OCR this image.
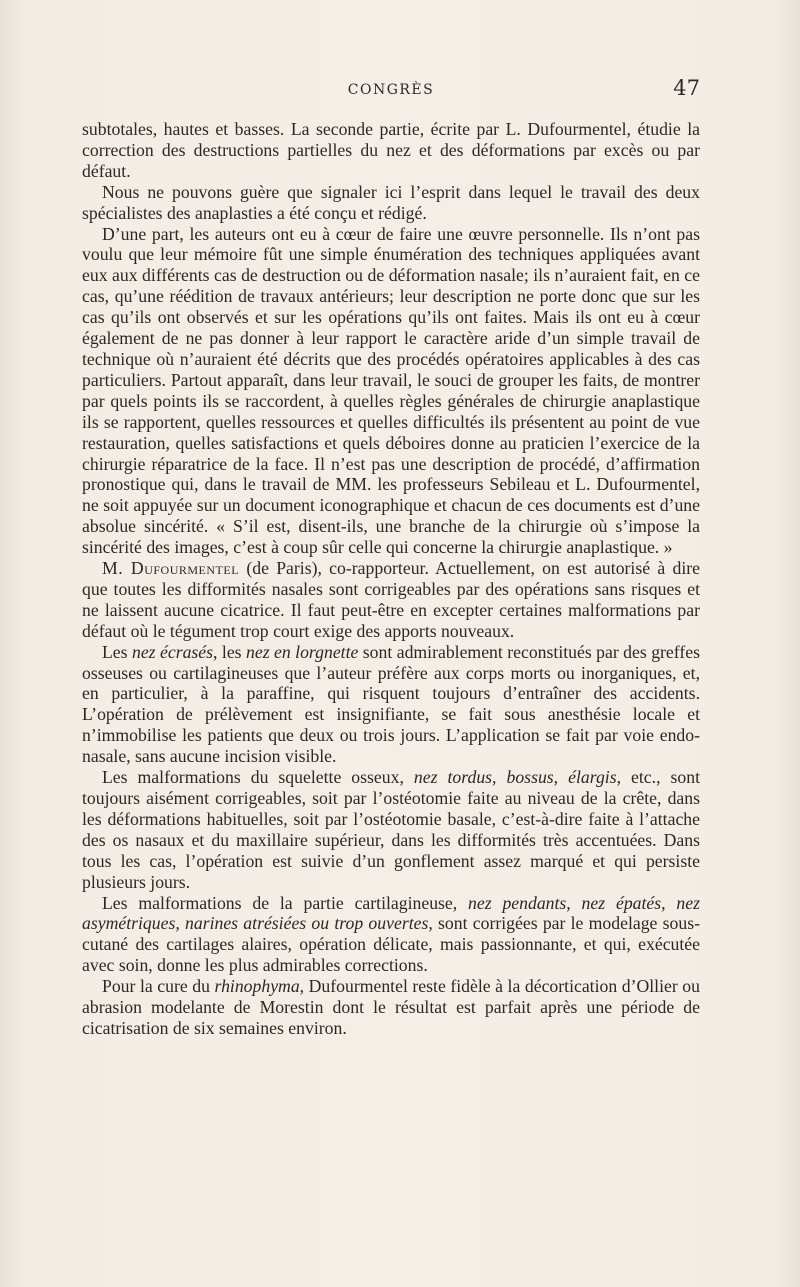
CONGRÈS	47

subtotales, hautes et basses. La seconde partie, écrite par L. Dufourmentel, étudie la correction des destructions partielles du nez et des déformations par excès ou par défaut.

Nous ne pouvons guère que signaler ici l’esprit dans lequel le travail des deux spécialistes des anaplasties a été conçu et rédigé.

D’une part, les auteurs ont eu à cœur de faire une œuvre personnelle. Ils n’ont pas voulu que leur mémoire fût une simple énumération des techniques appliquées avant eux aux différents cas de destruction ou de déformation nasale; ils n’auraient fait, en ce cas, qu’une réédition de travaux antérieurs; leur description ne porte donc que sur les cas qu’ils ont observés et sur les opérations qu’ils ont faites. Mais ils ont eu à cœur également de ne pas donner à leur rapport le caractère aride d’un simple travail de technique où n’auraient été décrits que des procédés opératoires applicables à des cas particuliers. Partout apparaît, dans leur travail, le souci de grouper les faits, de montrer par quels points ils se raccordent, à quelles règles générales de chirurgie anaplastique ils se rapportent, quelles ressources et quelles difficultés ils présentent au point de vue restauration, quelles satisfactions et quels déboires donne au praticien l’exercice de la chirurgie réparatrice de la face. Il n’est pas une description de procédé, d’affirmation pronostique qui, dans le travail de MM. les professeurs Sebileau et L. Dufourmentel, ne soit appuyée sur un document iconographique et chacun de ces documents est d’une absolue sincérité. « S’il est, disent-ils, une branche de la chirurgie où s’impose la sincérité des images, c’est à coup sûr celle qui concerne la chirurgie anaplastique. »

M. Dufourmentel (de Paris), co-rapporteur. Actuellement, on est autorisé à dire que toutes les difformités nasales sont corrigeables par des opérations sans risques et ne laissent aucune cicatrice. Il faut peut-être en excepter certaines malformations par défaut où le tégument trop court exige des apports nouveaux.

Les nez écrasés, les nez en lorgnette sont admirablement reconstitués par des greffes osseuses ou cartilagineuses que l’auteur préfère aux corps morts ou inorganiques, et, en particulier, à la paraffine, qui risquent toujours d’entraîner des accidents. L’opération de prélèvement est insignifiante, se fait sous anesthésie locale et n’immobilise les patients que deux ou trois jours. L’application se fait par voie endo-nasale, sans aucune incision visible.

Les malformations du squelette osseux, nez tordus, bossus, élargis, etc., sont toujours aisément corrigeables, soit par l’ostéotomie faite au niveau de la crête, dans les déformations habituelles, soit par l’ostéotomie basale, c’est-à-dire faite à l’attache des os nasaux et du maxillaire supérieur, dans les difformités très accentuées. Dans tous les cas, l’opération est suivie d’un gonflement assez marqué et qui persiste plusieurs jours.

Les malformations de la partie cartilagineuse, nez pendants, nez épatés, nez asymétriques, narines atrésiées ou trop ouvertes, sont corrigées par le modelage sous-cutané des cartilages alaires, opération délicate, mais passionnante, et qui, exécutée avec soin, donne les plus admirables corrections.

Pour la cure du rhinophyma, Dufourmentel reste fidèle à la décortication d’Ollier ou abrasion modelante de Morestin dont le résultat est parfait après une période de cicatrisation de six semaines environ.
